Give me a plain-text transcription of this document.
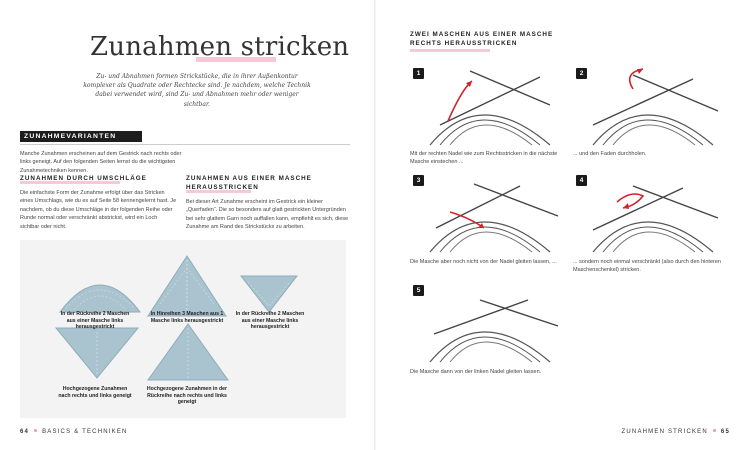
Zunahmen stricken
Zu- und Abnahmen formen Strickstücke, die in ihrer Außenkontur komplexer als Quadrate oder Rechtecke sind. Je nachdem, welche Technik dabei verwendet wird, sind Zu- und Abnahmen mehr oder weniger sichtbar.
ZUNAHMEVARIANTEN
Manche Zunahmen erscheinen auf dem Gestrick nach rechts oder links geneigt. Auf den folgenden Seiten lernst du die wichtigsten Zunahmetechniken kennen.
ZUNAHMEN DURCH UMSCHLÄGE
Die einfachste Form der Zunahme erfolgt über das Stricken eines Umschlags, wie du es auf Seite 58 kennengelernt hast. Je nachdem, ob du diese Umschläge in der folgenden Reihe oder Runde normal oder verschränkt abstrickst, wird ein Loch sichtbar oder nicht.
ZUNAHMEN AUS EINER MASCHE
HERAUSSTRICKEN
Bei dieser Art Zunahme erscheint im Gestrick ein kleiner „Querfaden“. Die so besonders auf glatt gestrickten Untergründen bei sehr glattem Garn noch auffallen kann, empfiehlt es sich, diese Zunahme am Rand des Strickstücks zu arbeiten.
In der Rückreihe 2 Maschen aus einer Masche links herausgestrickt
In Hinreihen 3 Maschen aus 1 Masche links herausgestrickt
In der Rückreihe 2 Maschen aus einer Masche links herausgestrickt
Hochgezogene Zunahmen nach rechts und links geneigt
Hochgezogene Zunahmen in der Rückreihe nach rechts und links geneigt
64 BASICS & TECHNIKEN
ZWEI MASCHEN AUS EINER MASCHE
RECHTS HERAUSSTRICKEN
1
Mit der rechten Nadel wie zum Rechtsstricken in die nächste Masche einstechen ...
2
... und den Faden durchholen.
3
Die Masche aber noch nicht von der Nadel gleiten lassen, ...
4
... sondern noch einmal verschränkt (also durch den hinteren Maschenschenkel) stricken.
5
Die Masche dann von der linken Nadel gleiten lassen.
ZUNAHMEN STRICKEN 65
